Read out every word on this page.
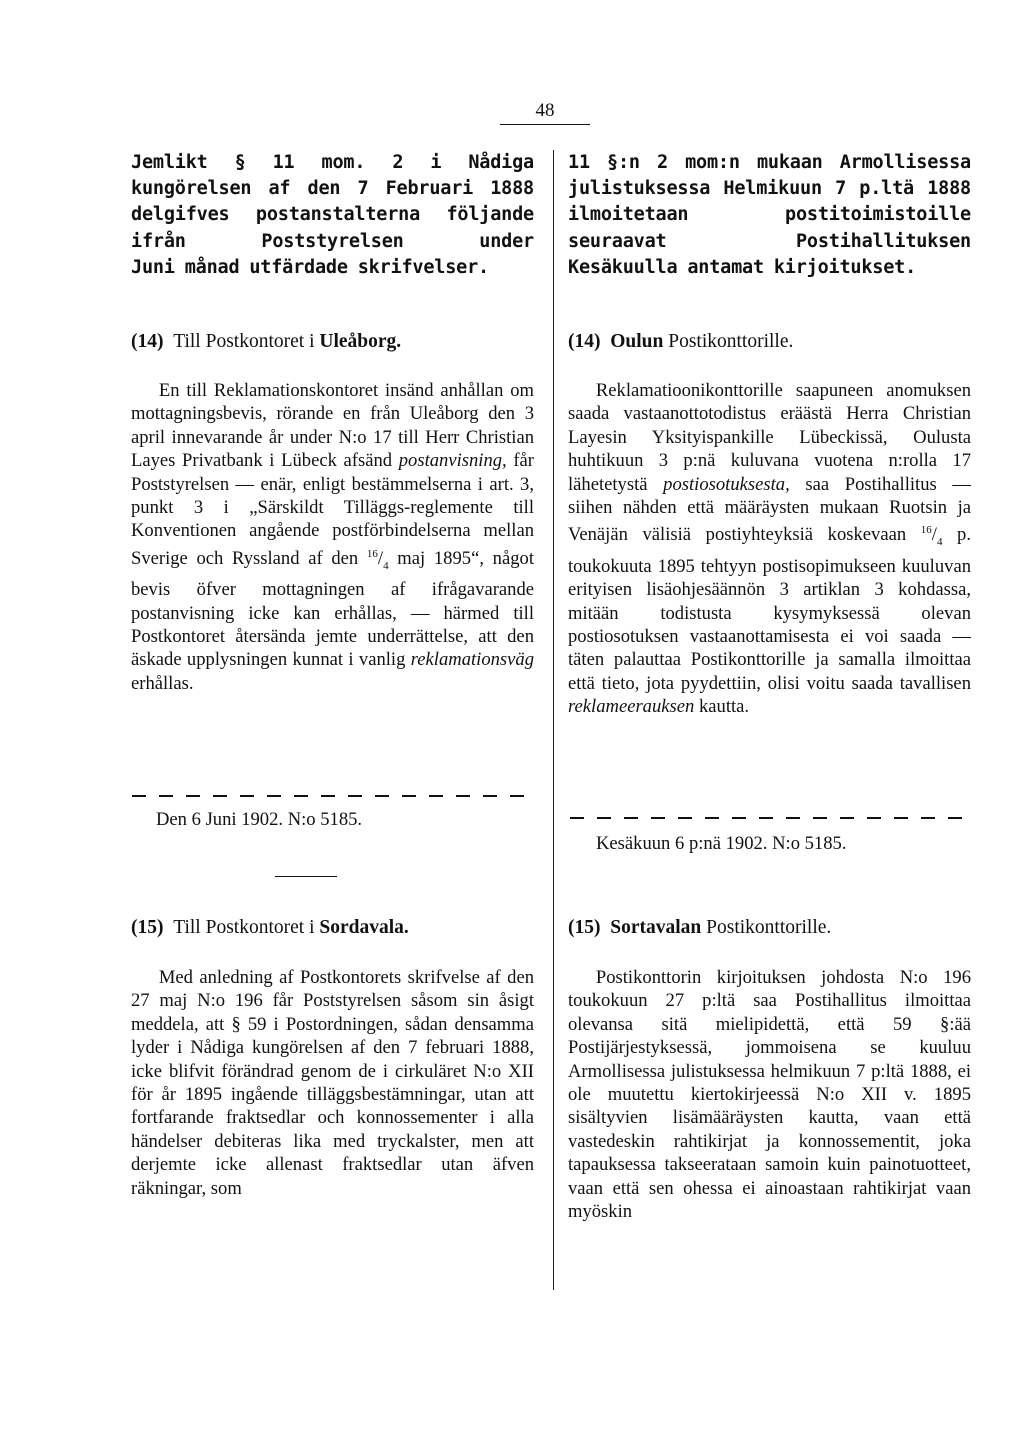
48

Jemlikt § 11 mom. 2 i Nådiga kungörelsen af den 7 Februari 1888 delgifves postanstalterna följande ifrån Poststyrelsen under
Juni månad utfärdade skrifvelser.

(14) Till Postkontoret i Uleåborg.

En till Reklamationskontoret insänd anhållan om mottagningsbevis, rörande en från Uleåborg den 3 april innevarande år under N:o 17 till Herr Christian Layes Privatbank i Lübeck afsänd postanvisning, får Poststyrelsen — enär, enligt bestämmelserna i art. 3, punkt 3 i „Särskildt Tilläggs-reglemente till Konventionen angående postförbindelserna mellan Sverige och Ryssland af den $^{16}/_4$ maj 1895“, något bevis öfver mottagningen af ifrågavarande postanvisning icke kan erhållas, — härmed till Postkontoret återsända jemte underrättelse, att den äskade upplysningen kunnat i vanlig reklamationsväg erhållas.

Den 6 Juni 1902. N:o 5185.

(15) Till Postkontoret i Sordavala.

Med anledning af Postkontorets skrifvelse af den 27 maj N:o 196 får Poststyrelsen såsom sin åsigt meddela, att § 59 i Postordningen, sådan densamma lyder i Nådiga kungörelsen af den 7 februari 1888, icke blifvit förändrad genom de i cirkuläret N:o XII för år 1895 ingående tilläggsbestämningar, utan att fortfarande fraktsedlar och konnossementer i alla händelser debiteras lika med tryckalster, men att derjemte icke allenast fraktsedlar utan äfven räkningar, som

11 §:n 2 mom:n mukaan Armollisessa julistuksessa Helmikuun 7 p.ltä 1888 ilmoitetaan postitoimistoille seuraavat Postihallituksen
Kesäkuulla antamat kirjoitukset.

(14) Oulun Postikonttorille.

Reklamatioonikonttorille saapuneen anomuksen saada vastaanottotodistus eräästä Herra Christian Layesin Yksityispankille Lübeckissä, Oulusta huhtikuun 3 p:nä kuluvana vuotena n:rolla 17 lähetetystä postiosotuksesta, saa Postihallitus — siihen nähden että määräysten mukaan Ruotsin ja Venäjän välisiä postiyhteyksiä koskevaan $^{16}/_4$ p. toukokuuta 1895 tehtyyn postisopimukseen kuuluvan erityisen lisäohjesäännön 3 artiklan 3 kohdassa, mitään todistusta kysymyksessä olevan postiosotuksen vastaanottamisesta ei voi saada — täten palauttaa Postikonttorille ja samalla ilmoittaa että tieto, jota pyydettiin, olisi voitu saada tavallisen reklameerauksen kautta.

Kesäkuun 6 p:nä 1902. N:o 5185.

(15) Sortavalan Postikonttorille.

Postikonttorin kirjoituksen johdosta N:o 196 toukokuun 27 p:ltä saa Postihallitus ilmoittaa olevansa sitä mielipidettä, että 59 §:ää Postijärjestyksessä, jommoisena se kuuluu Armollisessa julistuksessa helmikuun 7 p:ltä 1888, ei ole muutettu kiertokirjeessä N:o XII v. 1895 sisältyvien lisämääräysten kautta, vaan että vastedeskin rahtikirjat ja konnossementit, joka tapauksessa takseerataan samoin kuin painotuotteet, vaan että sen ohessa ei ainoastaan rahtikirjat vaan myöskin
